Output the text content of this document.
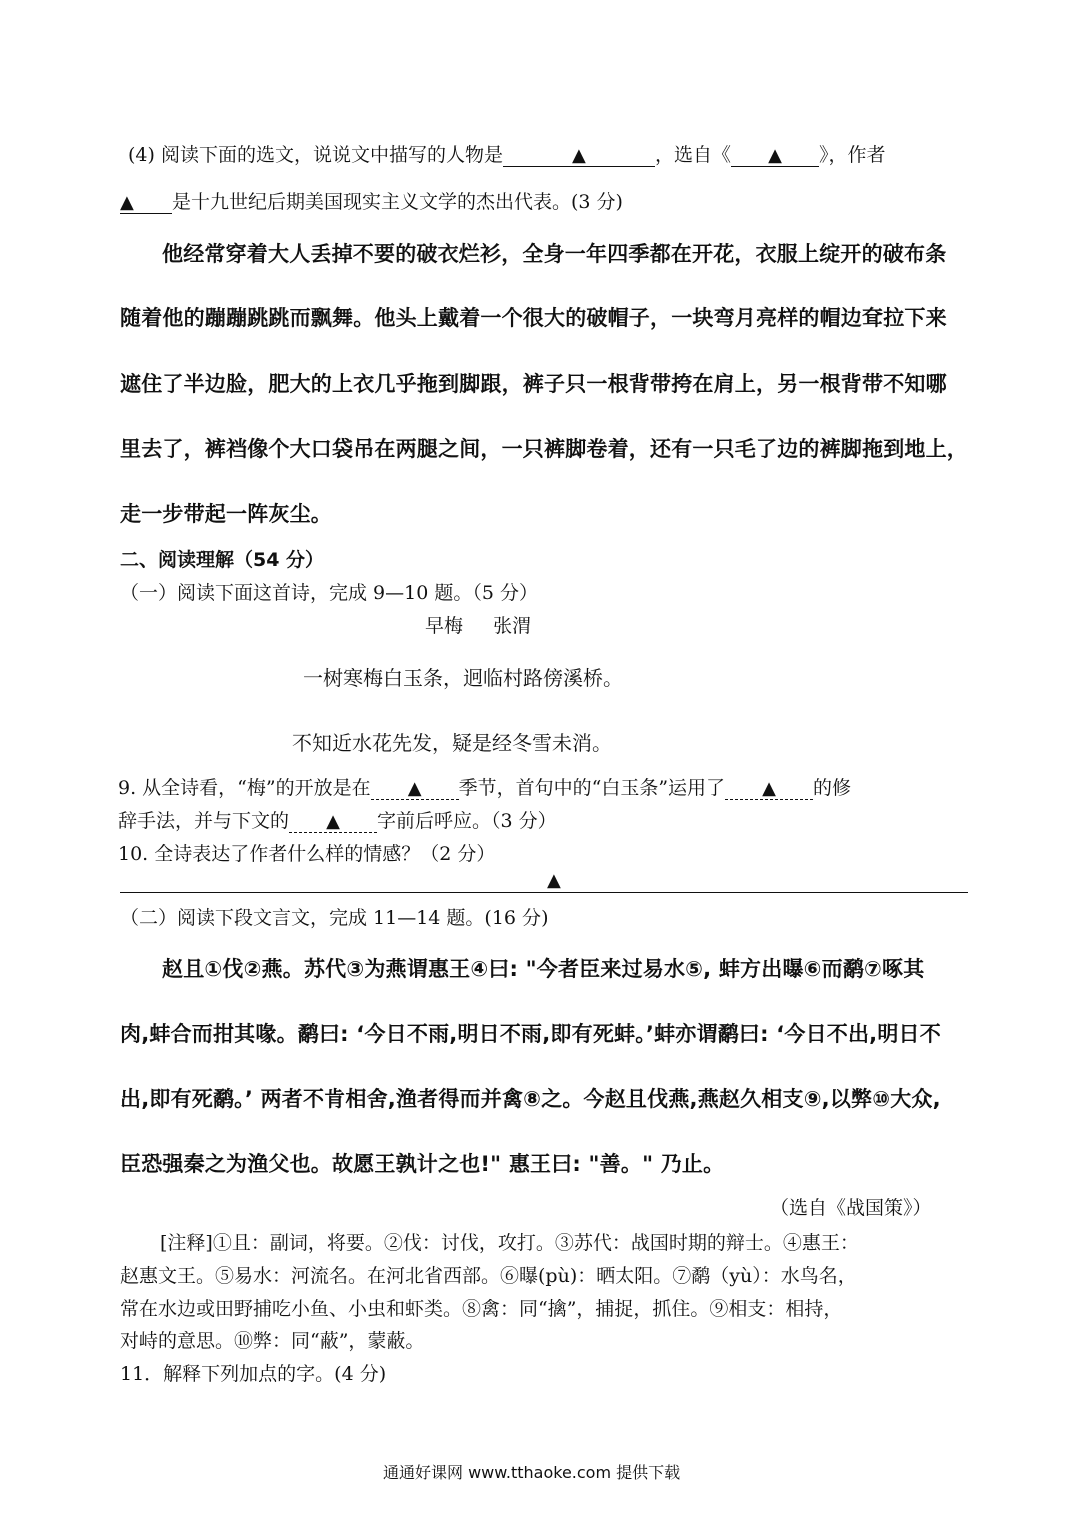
(4) 阅读下面的选文，说说文中描写的人物是	▲	，选自《 ▲ 》，作者
▲ 是十九世纪后期美国现实主义文学的杰出代表。(3 分)
他经常穿着大人丢掉不要的破衣烂衫，全身一年四季都在开花，衣服上绽开的破布条
随着他的蹦蹦跳跳而飘舞。他头上戴着一个很大的破帽子，一块弯月亮样的帽边耷拉下来
遮住了半边脸，肥大的上衣几乎拖到脚跟，裤子只一根背带挎在肩上，另一根背带不知哪
里去了，裤裆像个大口袋吊在两腿之间，一只裤脚卷着，还有一只毛了边的裤脚拖到地上，
走一步带起一阵灰尘。
二、阅读理解（54 分）
（一）阅读下面这首诗，完成 9—10 题。（5 分）
早梅 张渭
一树寒梅白玉条，迥临村路傍溪桥。
不知近水花先发，疑是经冬雪未消。
9. 从全诗看，“梅”的开放是在 ▲ 季节，首句中的“白玉条”运用了 ▲ 的修
辞手法，并与下文的 ▲ 字前后呼应。（3 分）
10. 全诗表达了作者什么样的情感？（2 分）
▲
（二）阅读下段文言文，完成 11—14 题。(16 分)
赵且①伐②燕。苏代③为燕谓惠王④曰: "今者臣来过易水⑤, 蚌方出曝⑥而鹬⑦啄其
肉,蚌合而拑其喙。鹬曰: ‘今日不雨,明日不雨,即有死蚌。’蚌亦谓鹬曰: ‘今日不出,明日不
出,即有死鹬。’ 两者不肯相舍,渔者得而并禽⑧之。今赵且伐燕,燕赵久相支⑨,以弊⑩大众,
臣恐强秦之为渔父也。故愿王孰计之也!" 惠王曰: "善。" 乃止。
（选自《战国策》）
[注释]①且：副词，将要。②伐：讨伐，攻打。③苏代：战国时期的辩士。④惠王：
赵惠文王。⑤易水：河流名。在河北省西部。⑥曝(pù)：晒太阳。⑦鹬（yù）：水鸟名，
常在水边或田野捕吃小鱼、小虫和虾类。⑧禽：同“擒”，捕捉，抓住。⑨相支：相持，
对峙的意思。⑩弊：同“蔽”，蒙蔽。
11．解释下列加点的字。(4 分)
通通好课网 www.tthaoke.com 提供下载
